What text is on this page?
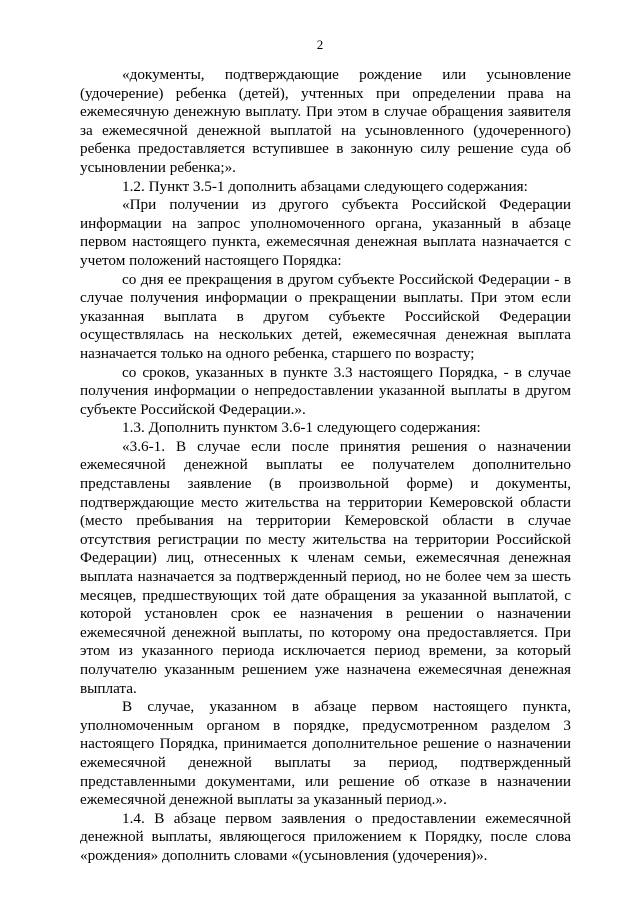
2

«документы, подтверждающие рождение или усыновление (удочерение) ребенка (детей), учтенных при определении права на ежемесячную денежную выплату. При этом в случае обращения заявителя за ежемесячной денежной выплатой на усыновленного (удочеренного) ребенка предоставляется вступившее в законную силу решение суда об усыновлении ребенка;».

1.2. Пункт 3.5-1 дополнить абзацами следующего содержания:

«При получении из другого субъекта Российской Федерации информации на запрос уполномоченного органа, указанный в абзаце первом настоящего пункта, ежемесячная денежная выплата назначается с учетом положений настоящего Порядка:

со дня ее прекращения в другом субъекте Российской Федерации - в случае получения информации о прекращении выплаты. При этом если указанная выплата в другом субъекте Российской Федерации осуществлялась на нескольких детей, ежемесячная денежная выплата назначается только на одного ребенка, старшего по возрасту;

со сроков, указанных в пункте 3.3 настоящего Порядка, - в случае получения информации о непредоставлении указанной выплаты в другом субъекте Российской Федерации.».

1.3. Дополнить пунктом 3.6-1 следующего содержания:

«3.6-1. В случае если после принятия решения о назначении ежемесячной денежной выплаты ее получателем дополнительно представлены заявление (в произвольной форме) и документы, подтверждающие место жительства на территории Кемеровской области (место пребывания на территории Кемеровской области в случае отсутствия регистрации по месту жительства на территории Российской Федерации) лиц, отнесенных к членам семьи, ежемесячная денежная выплата назначается за подтвержденный период, но не более чем за шесть месяцев, предшествующих той дате обращения за указанной выплатой, с которой установлен срок ее назначения в решении о назначении ежемесячной денежной выплаты, по которому она предоставляется. При этом из указанного периода исключается период времени, за который получателю указанным решением уже назначена ежемесячная денежная выплата.

В случае, указанном в абзаце первом настоящего пункта, уполномоченным органом в порядке, предусмотренном разделом 3 настоящего Порядка, принимается дополнительное решение о назначении ежемесячной денежной выплаты за период, подтвержденный представленными документами, или решение об отказе в назначении ежемесячной денежной выплаты за указанный период.».

1.4. В абзаце первом заявления о предоставлении ежемесячной денежной выплаты, являющегося приложением к Порядку, после слова «рождения» дополнить словами «(усыновления (удочерения)».
